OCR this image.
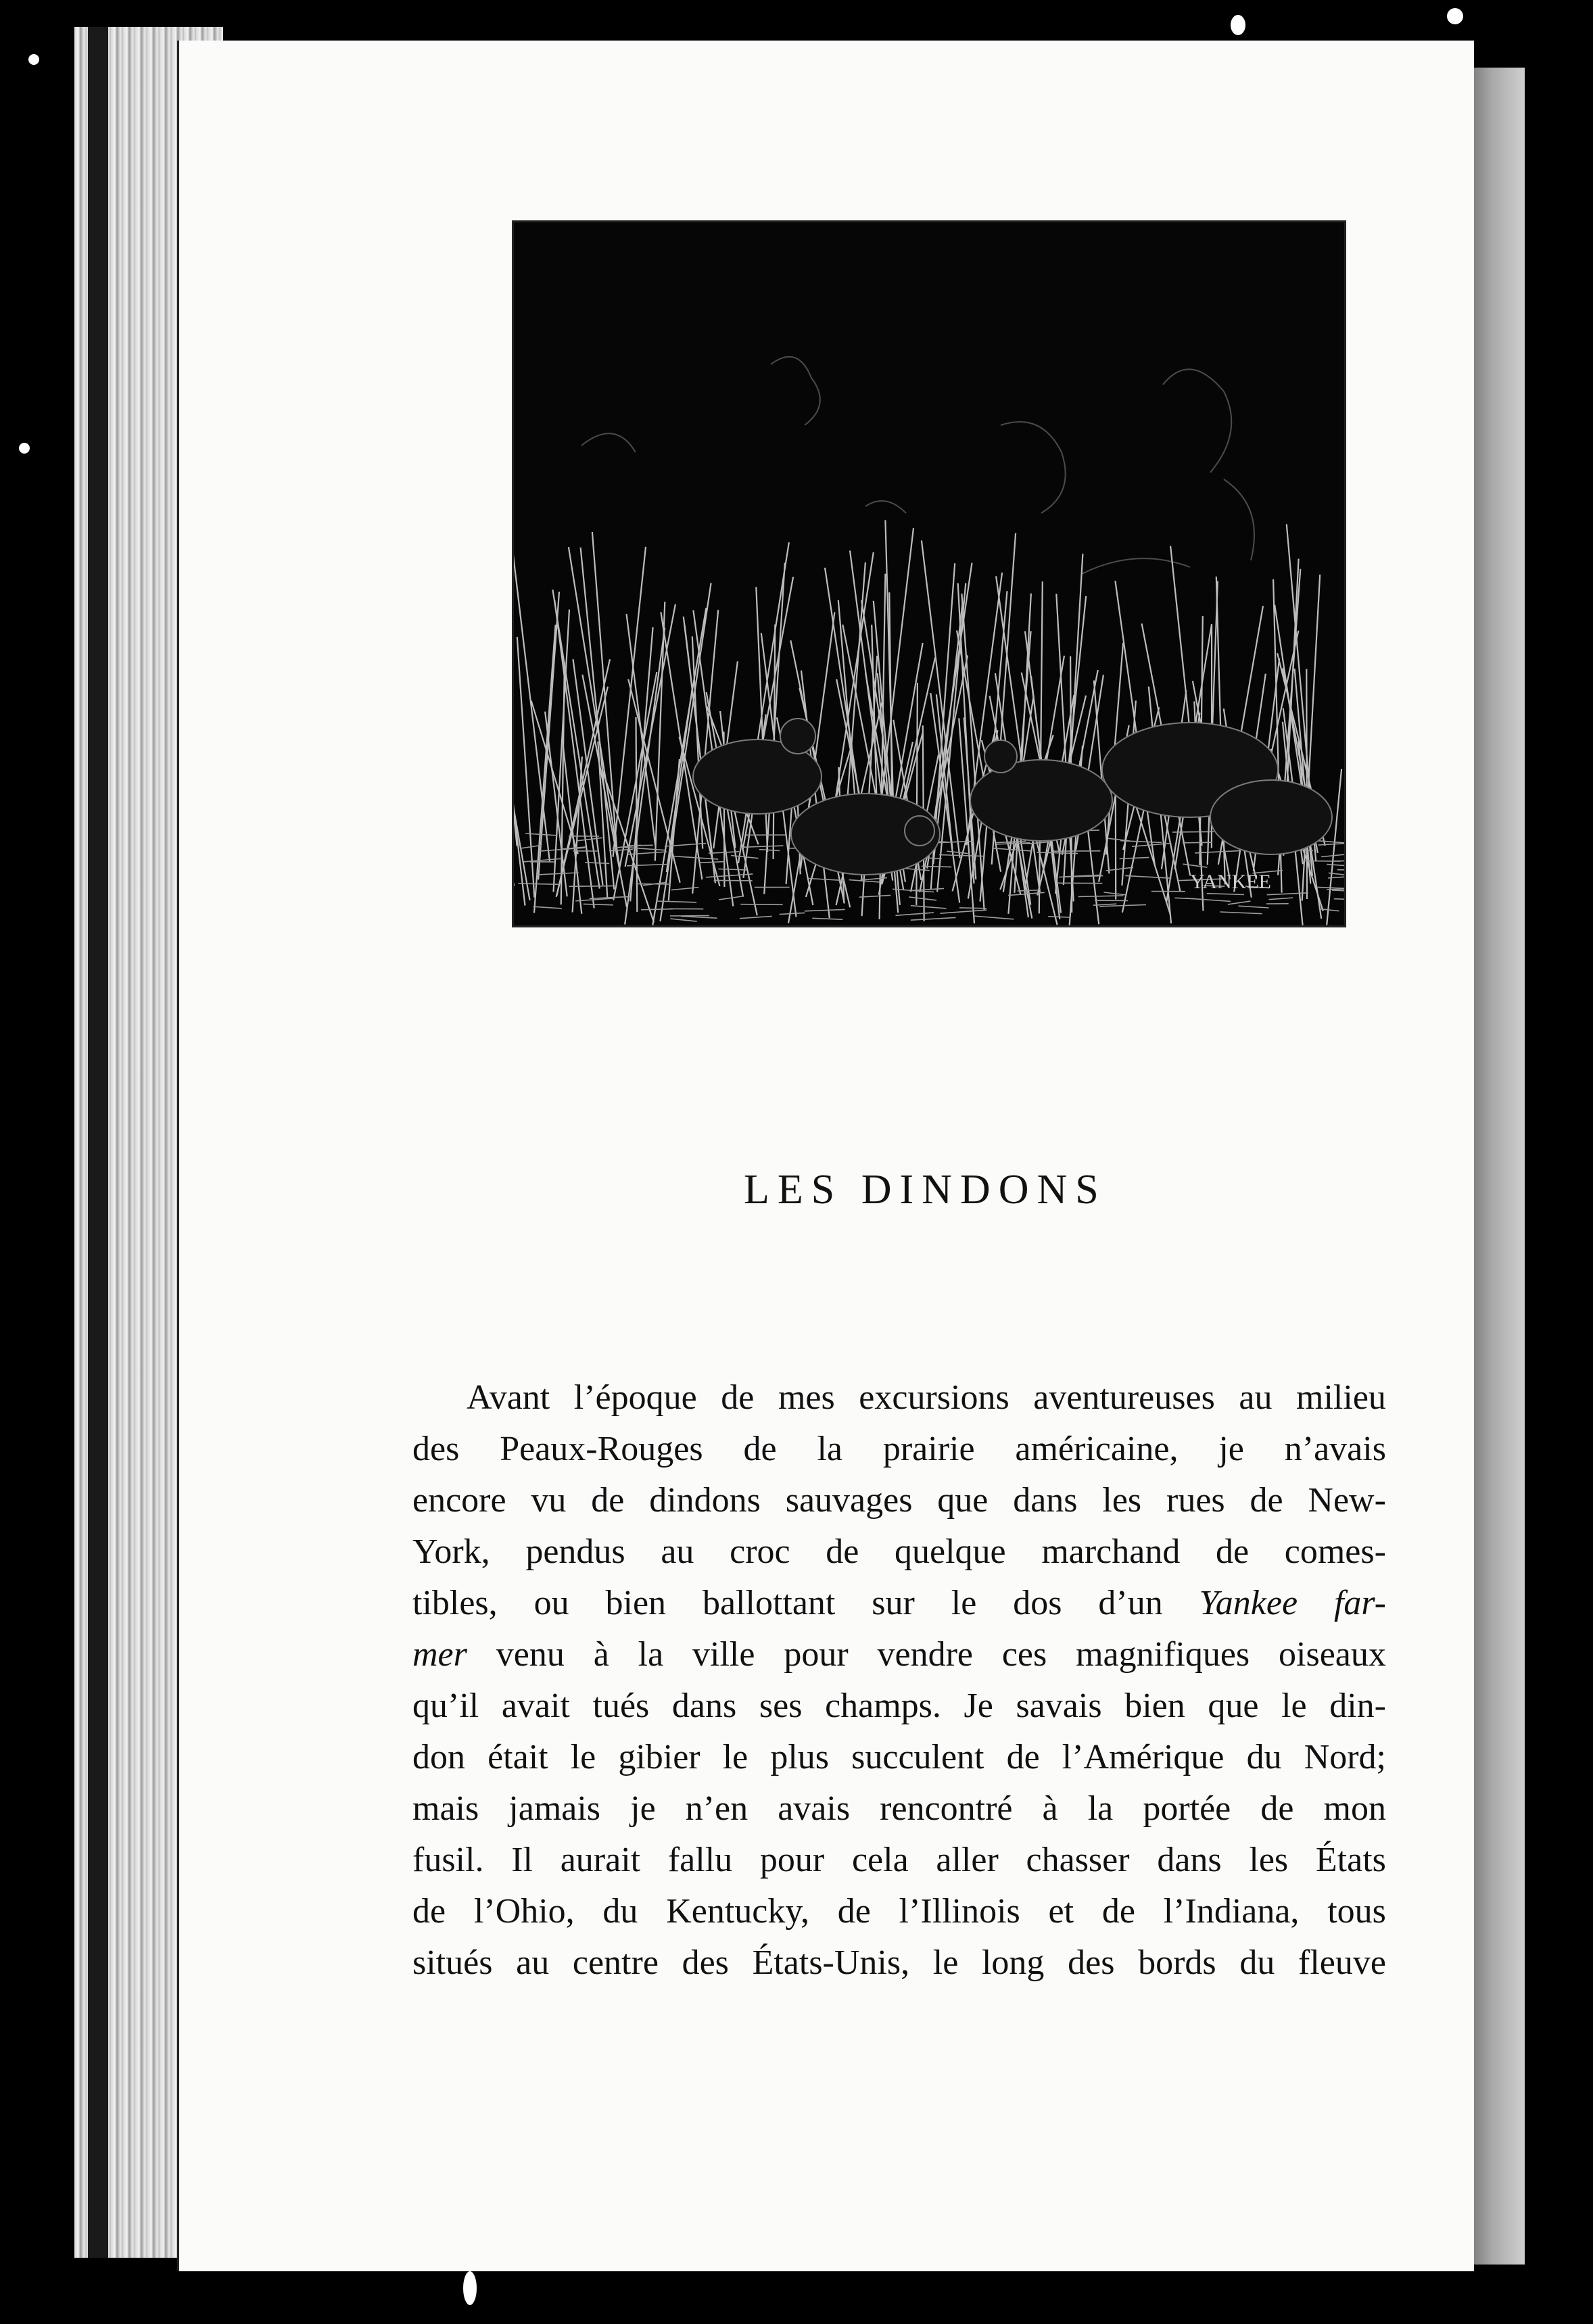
YANKEE
LES DINDONS
Avant l’époque de mes excursions aventureuses au milieu
des Peaux-Rouges de la prairie américaine, je n’avais
encore vu de dindons sauvages que dans les rues de New-
York, pendus au croc de quelque marchand de comes-
tibles, ou bien ballottant sur le dos d’un Yankee far-
mer venu à la ville pour vendre ces magnifiques oiseaux
qu’il avait tués dans ses champs. Je savais bien que le din-
don était le gibier le plus succulent de l’Amérique du Nord;
mais jamais je n’en avais rencontré à la portée de mon
fusil. Il aurait fallu pour cela aller chasser dans les États
de l’Ohio, du Kentucky, de l’Illinois et de l’Indiana, tous
situés au centre des États-Unis, le long des bords du fleuve
